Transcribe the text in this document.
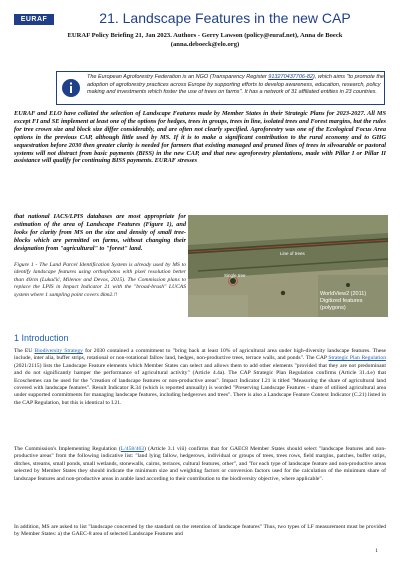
EURAF	21. Landscape Features in the new CAP
EURAF Policy Briefing 21, Jan 2023. Authors - Gerry Lawson (policy@euraf.net), Anna de Boeck (anna.deboeck@elo.org)
The European Agroforestry Federation is an NGO (Transparency Register 913270437706-82), which aims "to promote the adoption of agroforestry practices across Europe by supporting efforts to develop awareness, education, research, policy making and investments which foster the use of trees on farms". It has a network of 31 affiliated entities in 23 countries.
EURAF and ELO have collated the selection of Landscape Features made by Member States in their Strategic Plans for 2023-2027. All MS except FI and SE implement at least one of the options for hedges, trees in groups, trees in line, isolated trees and Forest margins, but the rules for tree crown size and block size differ considerably, and are often not clearly specified. Agroforestry was one of the Ecological Focus Area options in the previous CAP, although little used by MS. If it is to make a significant contribution to the rural economy and to GHG sequestration before 2030 then greater clarity is needed for farmers that existing managed and pruned lines of trees in silvoarable or pastoral systems will not distract from basic payments (BISS) in the new CAP, and that new agroforestry plantations, made with Pillar I or Pillar II assistance will qualify for continuing BISS payments. EURAF stresses
that national IACS/LPIS databases are most appropriate for estimation of the area of Landscape Features (Figure 1), and looks for clarity from MS on the size and density of small tree-blocks which are permitted on farms, without changing their designation from "agricultural" to "forest" land.
Figure 1 - The Land Parcel Identification System is already used by MS to identify landscape features using orthophotos with pixel resolution better than 40cm (Lukačić, Milenov and Devos, 2015). The Commission plans to replace the LPIS in Impact Indicator 21 with the "broad-brush" LUCAS system where 1 sampling point covers 4km2.!!
Line of trees
Single tree
WorldView2 (2011) Digitized features (polygons)
1 Introduction
The EU Biodiversity Strategy for 2030 contained a commitment to "bring back at least 10% of agricultural area under high-diversity landscape features. These include, inter alia, buffer strips, rotational or non-rotational fallow land, hedges, non-productive trees, terrace walls, and ponds". The CAP Strategic Plan Regulation (2021/2115) lists the Landscape Feature elements which Member States can select and allows them to add other elements "provided that they are not predominant and do not significantly hamper the performance of agricultural activity" (Article 4.4a). The CAP Strategic Plan Regulation confirms (Article 31.4.e) that Ecoschemes can be used for the "creation of landscape features or non-productive areas". Impact Indicator I.21 is titled "Measuring the share of agricultural land covered with landscape features". Result Indicator R.34 (which is reported annually) is worded "Preserving Landscape Features - share of utilised agricultural area under supported commitments for managing landscape features, including hedgerows and trees". There is also a Landscape Feature Context Indicator (C.21) listed in the CAP Regulation, but this is identical to I.21.
The Commission's Implementing Regulation (L/458/463) (Article 3.1 viii) confirms that for GAEC8 Member States should select "landscape features and non-productive areas" from the following indicative list: "land lying fallow, hedgerows, individual or groups of trees, trees rows, field margins, patches, buffer strips, ditches, streams, small ponds, small wetlands, stonewalls, cairns, terraces, cultural features, other", and "for each type of landscape feature and non-productive areas selected by Member States they should indicate the minimum size and weighting factors or conversion factors used for the calculation of the minimum share of landscape features and non-productive areas in arable land according to their contribution to the biodiversity objective, where applicable".
In addition, MS are asked to list "landscape concerned by the standard on the retention of landscape features" Thus, two types of LF measurement must be provided by Member States: a) the GAEC-8 area of selected Landscape Features and
1
